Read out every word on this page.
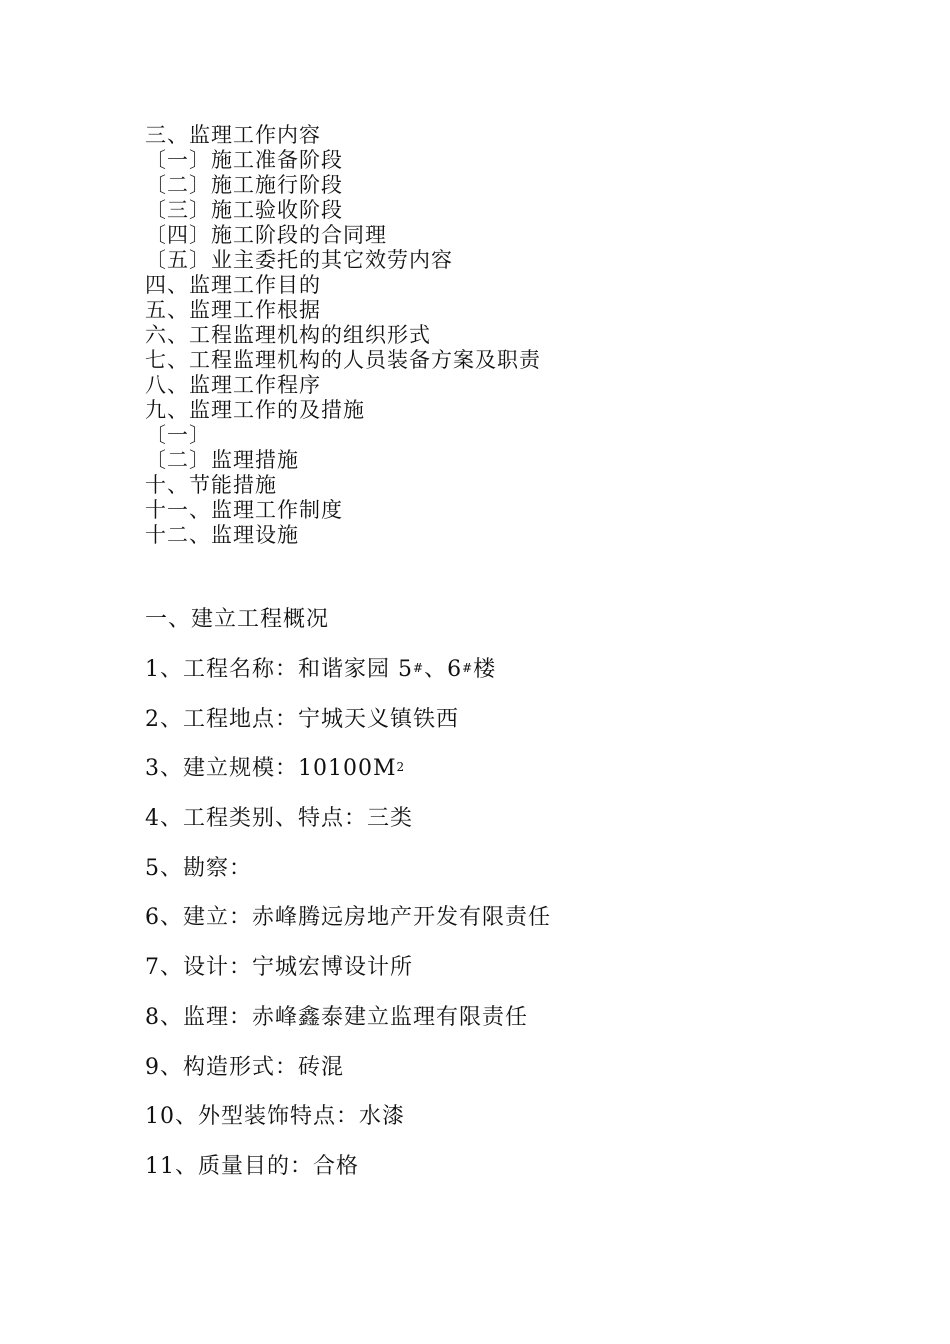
三、监理工作内容
〔一〕施工准备阶段
〔二〕施工施行阶段
〔三〕施工验收阶段
〔四〕施工阶段的合同理
〔五〕业主委托的其它效劳内容
四、监理工作目的
五、监理工作根据
六、工程监理机构的组织形式
七、工程监理机构的人员装备方案及职责
八、监理工作程序
九、监理工作的及措施
〔一〕
〔二〕监理措施
十、节能措施
十一、监理工作制度
十二、监理设施
一、建立工程概况
1、工程名称：和谐家园 5#、6#楼
2、工程地点：宁城天义镇铁西
3、建立规模：$10100M^2$
4、工程类别、特点：三类
5、勘察：
6、建立：赤峰腾远房地产开发有限责任
7、设计：宁城宏博设计所
8、监理：赤峰鑫泰建立监理有限责任
9、构造形式：砖混
10、外型装饰特点：水漆
11、质量目的：合格
